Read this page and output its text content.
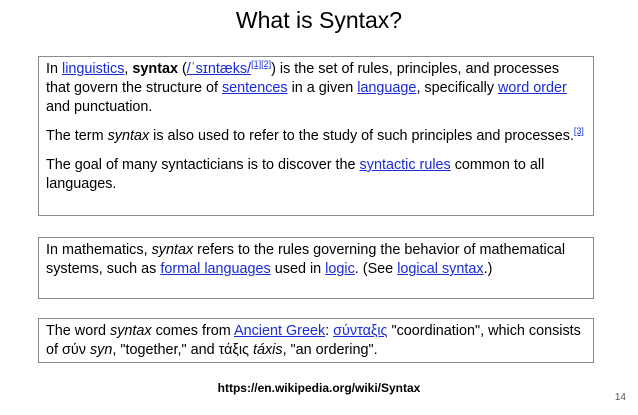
What is Syntax?

In linguistics, syntax (/ˈsɪntæks/[1][2]) is the set of rules, principles, and processes that govern the structure of sentences in a given language, specifically word order and punctuation.

The term syntax is also used to refer to the study of such principles and processes.[3]

The goal of many syntacticians is to discover the syntactic rules common to all languages.

In mathematics, syntax refers to the rules governing the behavior of mathematical systems, such as formal languages used in logic. (See logical syntax.)

The word syntax comes from Ancient Greek: σύνταξις "coordination", which consists of σύν syn, "together," and τάξις táxis, "an ordering".

https://en.wikipedia.org/wiki/Syntax
14
